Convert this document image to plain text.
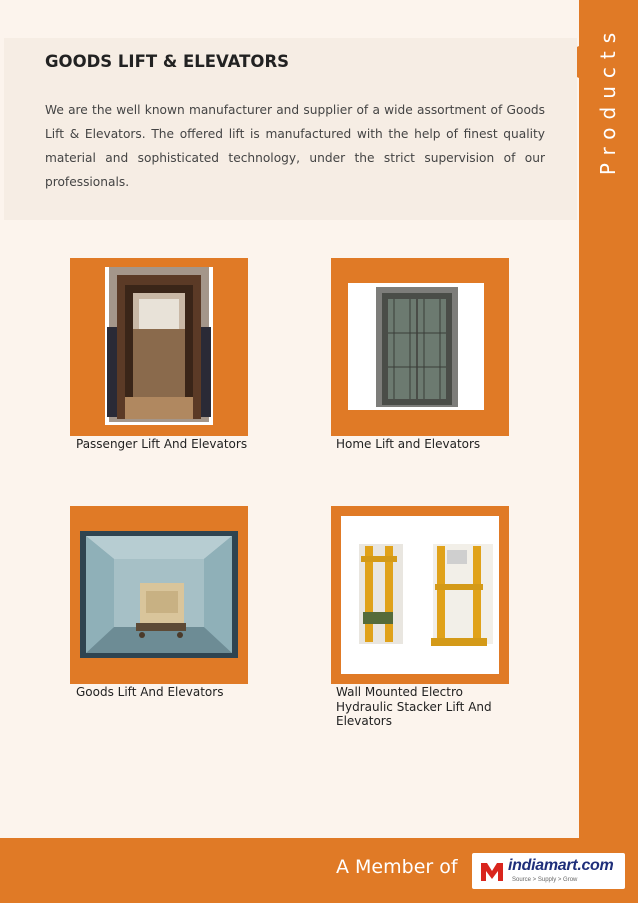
Products
GOODS LIFT & ELEVATORS
We are the well known manufacturer and supplier of a wide assortment of Goods Lift & Elevators. The offered lift is manufactured with the help of finest quality material and sophisticated technology, under the strict supervision of our professionals.
Passenger Lift And Elevators	Home Lift and Elevators
Goods Lift And Elevators	Wall Mounted Electro Hydraulic Stacker Lift And Elevators
A Member of	indiamart.com
Source > Supply > Grow
